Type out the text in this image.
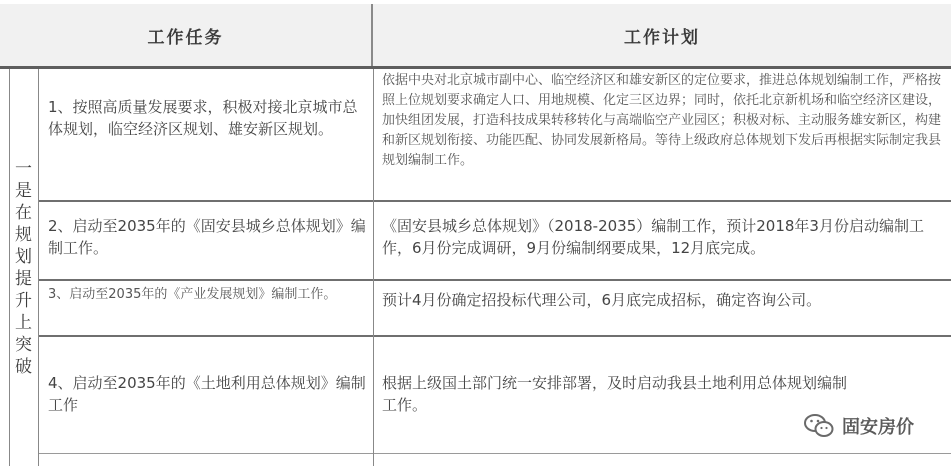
工作任务	工作计划
一
是
在
规
划
提
升
上
突
破
1、按照高质量发展要求，积极对接北京城市总体规划，临空经济区规划、雄安新区规划。
依据中央对北京城市副中心、临空经济区和雄安新区的定位要求，推进总体规划编制工作，严格按照上位规划要求确定人口、用地规模、化定三区边界；同时，依托北京新机场和临空经济区建设，加快组团发展，打造科技成果转移转化与高端临空产业园区；积极对标、主动服务雄安新区，构建和新区规划衔接、功能匹配、协同发展新格局。等待上级政府总体规划下发后再根据实际制定我县规划编制工作。
2、启动至2035年的《固安县城乡总体规划》编制工作。
《固安县城乡总体规划》（2018-2035）编制工作，预计2018年3月份启动编制工作，6月份完成调研，9月份编制纲要成果，12月底完成。
3、启动至2035年的《产业发展规划》编制工作。	预计4月份确定招投标代理公司，6月底完成招标，确定咨询公司。
4、启动至2035年的《土地利用总体规划》编制工作
根据上级国土部门统一安排部署，及时启动我县土地利用总体规划编制工作。
固安房价
